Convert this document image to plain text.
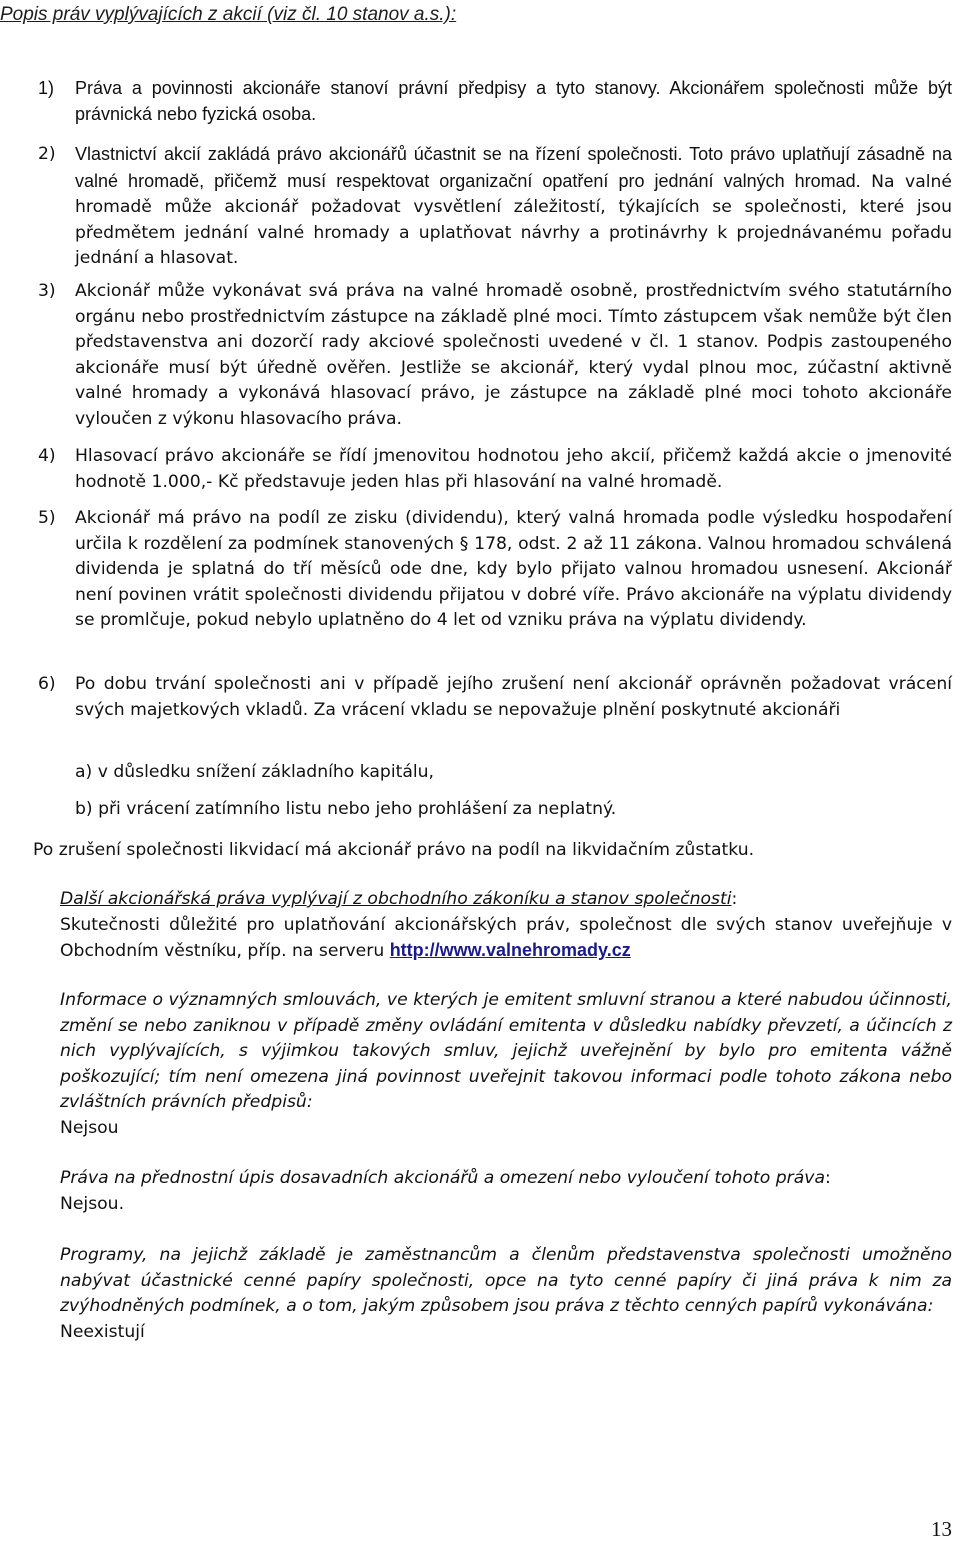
Popis práv vyplývajících z akcií (viz čl. 10 stanov a.s.):
1) Práva a povinnosti akcionáře stanoví právní předpisy a tyto stanovy. Akcionářem společnosti může být právnická nebo fyzická osoba.
2) Vlastnictví akcií zakládá právo akcionářů účastnit se na řízení společnosti. Toto právo uplatňují zásadně na valné hromadě, přičemž musí respektovat organizační opatření pro jednání valných hromad. Na valné hromadě může akcionář požadovat vysvětlení záležitostí, týkajících se společnosti, které jsou předmětem jednání valné hromady a uplatňovat návrhy a protinávrhy k projednávanému pořadu jednání a hlasovat.
3) Akcionář může vykonávat svá práva na valné hromadě osobně, prostřednictvím svého statutárního orgánu nebo prostřednictvím zástupce na základě plné moci. Tímto zástupcem však nemůže být člen představenstva ani dozorčí rady akciové společnosti uvedené v čl. 1 stanov. Podpis zastoupeného akcionáře musí být úředně ověřen. Jestliže se akcionář, který vydal plnou moc, zúčastní aktivně valné hromady a vykonává hlasovací právo, je zástupce na základě plné moci tohoto akcionáře vyloučen z výkonu hlasovacího práva.
4) Hlasovací právo akcionáře se řídí jmenovitou hodnotou jeho akcií, přičemž každá akcie o jmenovité hodnotě 1.000,- Kč představuje jeden hlas při hlasování na valné hromadě.
5) Akcionář má právo na podíl ze zisku (dividendu), který valná hromada podle výsledku hospodaření určila k rozdělení za podmínek stanovených § 178, odst. 2 až 11 zákona. Valnou hromadou schválená dividenda je splatná do tří měsíců ode dne, kdy bylo přijato valnou hromadou usnesení. Akcionář není povinen vrátit společnosti dividendu přijatou v dobré víře. Právo akcionáře na výplatu dividendy se promlčuje, pokud nebylo uplatněno do 4 let od vzniku práva na výplatu dividendy.
6) Po dobu trvání společnosti ani v případě jejího zrušení není akcionář oprávněn požadovat vrácení svých majetkových vkladů. Za vrácení vkladu se nepovažuje plnění poskytnuté akcionáři
a) v důsledku snížení základního kapitálu,
b) při vrácení zatímního listu nebo jeho prohlášení za neplatný.
Po zrušení společnosti likvidací má akcionář právo na podíl na likvidačním zůstatku.
Další akcionářská práva vyplývají z obchodního zákoníku a stanov společnosti:
Skutečnosti důležité pro uplatňování akcionářských práv, společnost dle svých stanov uveřejňuje v Obchodním věstníku, příp. na serveru http://www.valnehromady.cz
Informace o významných smlouvách, ve kterých je emitent smluvní stranou a které nabudou účinnosti, změní se nebo zaniknou v případě změny ovládání emitenta v důsledku nabídky převzetí, a účincích z nich vyplývajících, s výjimkou takových smluv, jejichž uveřejnění by bylo pro emitenta vážně poškozující; tím není omezena jiná povinnost uveřejnit takovou informaci podle tohoto zákona nebo zvláštních právních předpisů:
Nejsou
Práva na přednostní úpis dosavadních akcionářů a omezení nebo vyloučení tohoto práva:
Nejsou.
Programy, na jejichž základě je zaměstnancům a členům představenstva společnosti umožněno nabývat účastnické cenné papíry společnosti, opce na tyto cenné papíry či jiná práva k nim za zvýhodněných podmínek, a o tom, jakým způsobem jsou práva z těchto cenných papírů vykonávána:
Neexistují
13
